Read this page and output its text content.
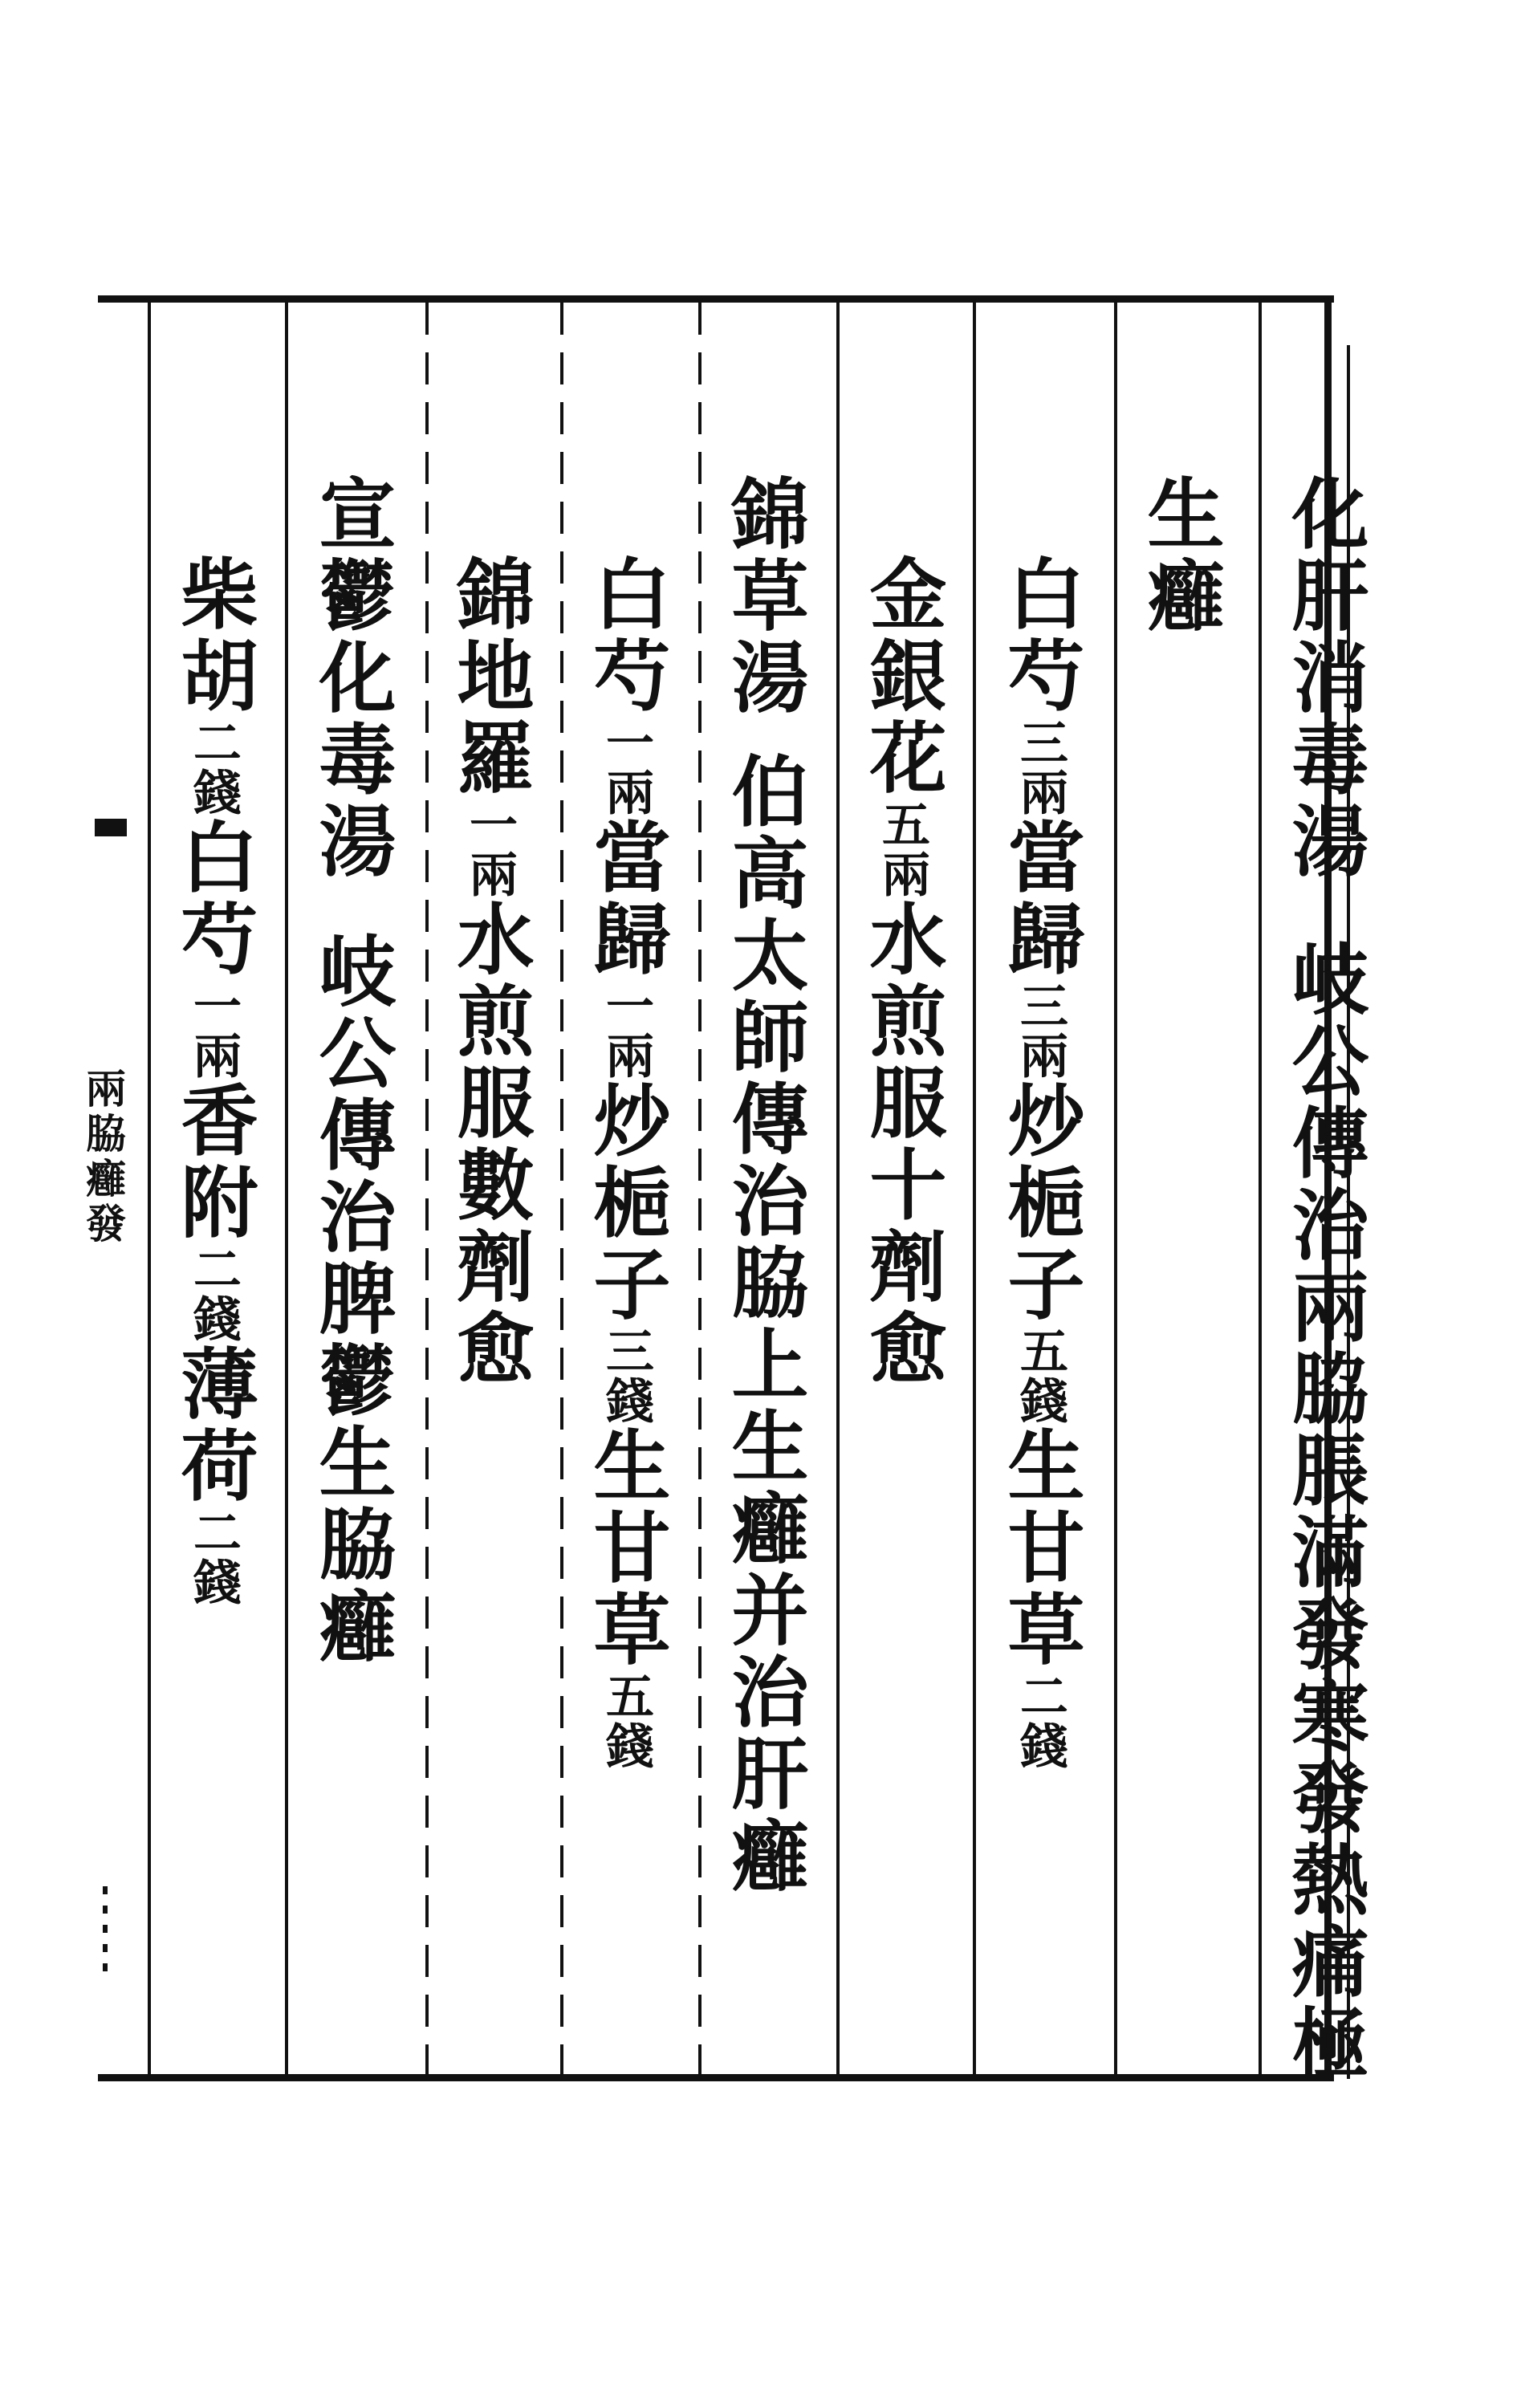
化肝消毒湯岐公傳治兩脇脹滿發寒發熱痛極
生癰
白芍三兩當歸三兩炒梔子五錢生甘草二錢
金銀花五兩水煎服十劑愈
錦草湯伯高太師傳治脇上生癰并治肝癰
白芍一兩當歸一兩炒梔子三錢生甘草五錢
錦地羅一兩水煎服數劑愈
宣鬱化毒湯岐公傳治脾鬱生脇癰
柴胡二錢白芍一兩香附二錢薄荷二錢
兩脇癰發
